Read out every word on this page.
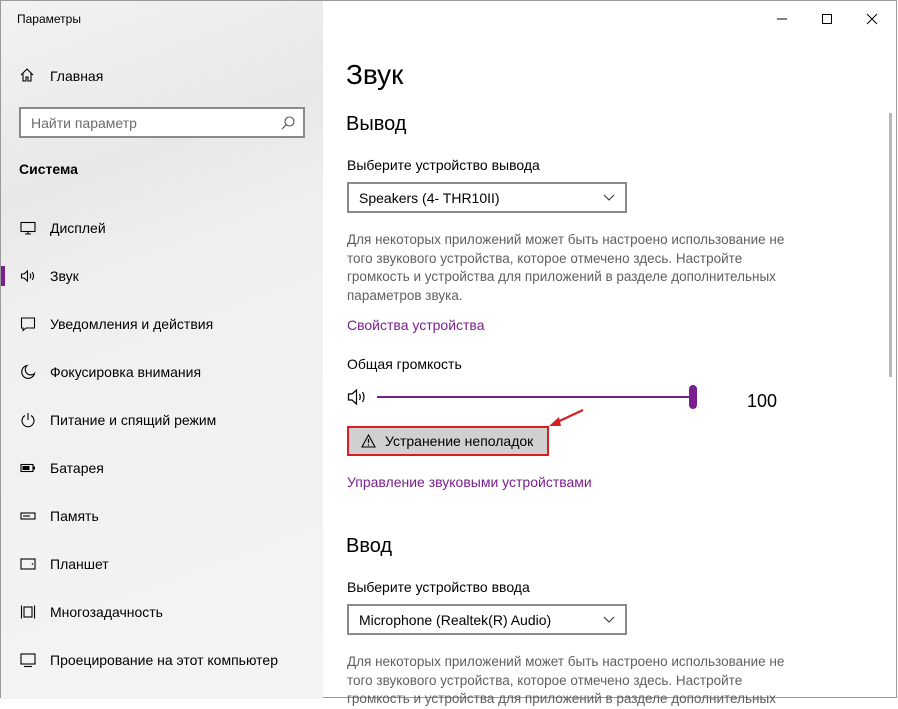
Параметры
Главная
Найти параметр
Система
Дисплей
Звук
Уведомления и действия
Фокусировка внимания
Питание и спящий режим
Батарея
Память
Планшет
Многозадачность
Проецирование на этот компьютер
Звук
Вывод
Выберите устройство вывода
Speakers (4- THR10II)
Для некоторых приложений может быть настроено использование не того звукового устройства, которое отмечено здесь. Настройте громкость и устройства для приложений в разделе дополнительных параметров звука.
Свойства устройства
Общая громкость
100
Устранение неполадок
Управление звуковыми устройствами
Ввод
Выберите устройство ввода
Microphone (Realtek(R) Audio)
Для некоторых приложений может быть настроено использование не того звукового устройства, которое отмечено здесь. Настройте громкость и устройства для приложений в разделе дополнительных
